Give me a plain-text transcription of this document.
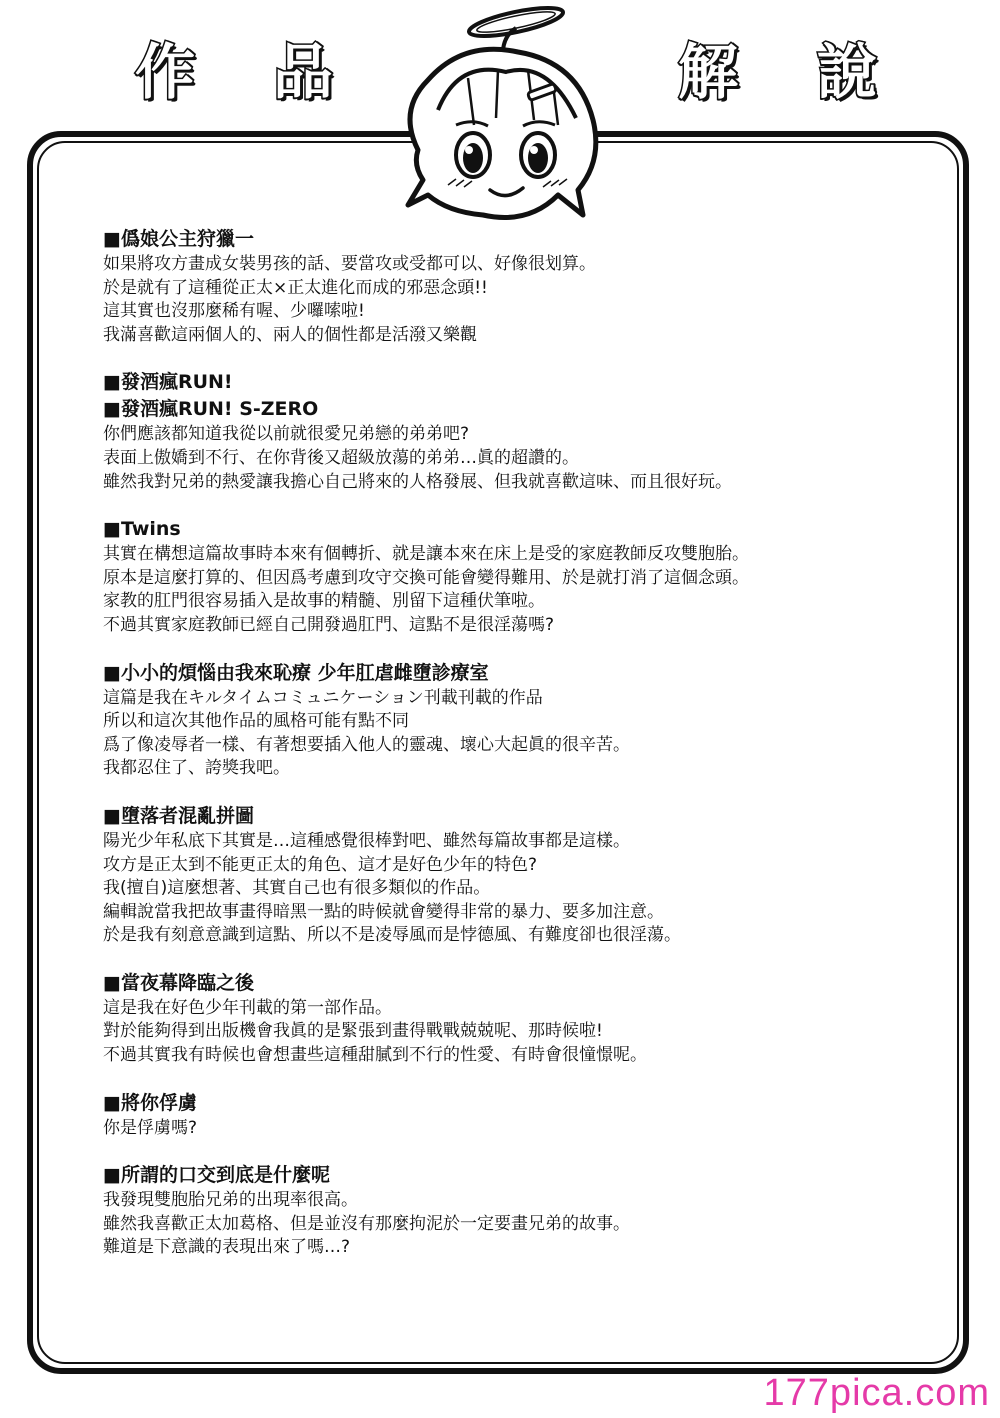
作 品	解 說
■僞娘公主狩獵一
如果將攻方畫成女裝男孩的話、要當攻或受都可以、好像很划算。
於是就有了這種從正太×正太進化而成的邪惡念頭!!
這其實也沒那麼稀有喔、少囉嗦啦!
我滿喜歡這兩個人的、兩人的個性都是活潑又樂觀
■發酒瘋RUN!
■發酒瘋RUN! S-ZERO
你們應該都知道我從以前就很愛兄弟戀的弟弟吧?
表面上傲嬌到不行、在你背後又超級放蕩的弟弟…眞的超讚的。
雖然我對兄弟的熱愛讓我擔心自己將來的人格發展、但我就喜歡這味、而且很好玩。
■Twins
其實在構想這篇故事時本來有個轉折、就是讓本來在床上是受的家庭教師反攻雙胞胎。
原本是這麼打算的、但因爲考慮到攻守交換可能會變得難用、於是就打消了這個念頭。
家教的肛門很容易插入是故事的精髓、別留下這種伏筆啦。
不過其實家庭教師已經自己開發過肛門、這點不是很淫蕩嗎?
■小小的煩惱由我來恥療 少年肛虐雌墮診療室
這篇是我在キルタイムコミュニケーション刊載刊載的作品
所以和這次其他作品的風格可能有點不同
爲了像凌辱者一樣、有著想要插入他人的靈魂、壞心大起眞的很辛苦。
我都忍住了、誇獎我吧。
■墮落者混亂拼圖
陽光少年私底下其實是…這種感覺很棒對吧、雖然每篇故事都是這樣。
攻方是正太到不能更正太的角色、這才是好色少年的特色?
我(擅自)這麼想著、其實自己也有很多類似的作品。
編輯說當我把故事畫得暗黑一點的時候就會變得非常的暴力、要多加注意。
於是我有刻意意識到這點、所以不是凌辱風而是悖德風、有難度卻也很淫蕩。
■當夜幕降臨之後
這是我在好色少年刊載的第一部作品。
對於能夠得到出版機會我眞的是緊張到畫得戰戰兢兢呢、那時候啦!
不過其實我有時候也會想畫些這種甜膩到不行的性愛、有時會很憧憬呢。
■將你俘虜
你是俘虜嗎?
■所謂的口交到底是什麼呢
我發現雙胞胎兄弟的出現率很高。
雖然我喜歡正太加葛格、但是並沒有那麼拘泥於一定要畫兄弟的故事。
難道是下意識的表現出來了嗎…?
177pica.com
